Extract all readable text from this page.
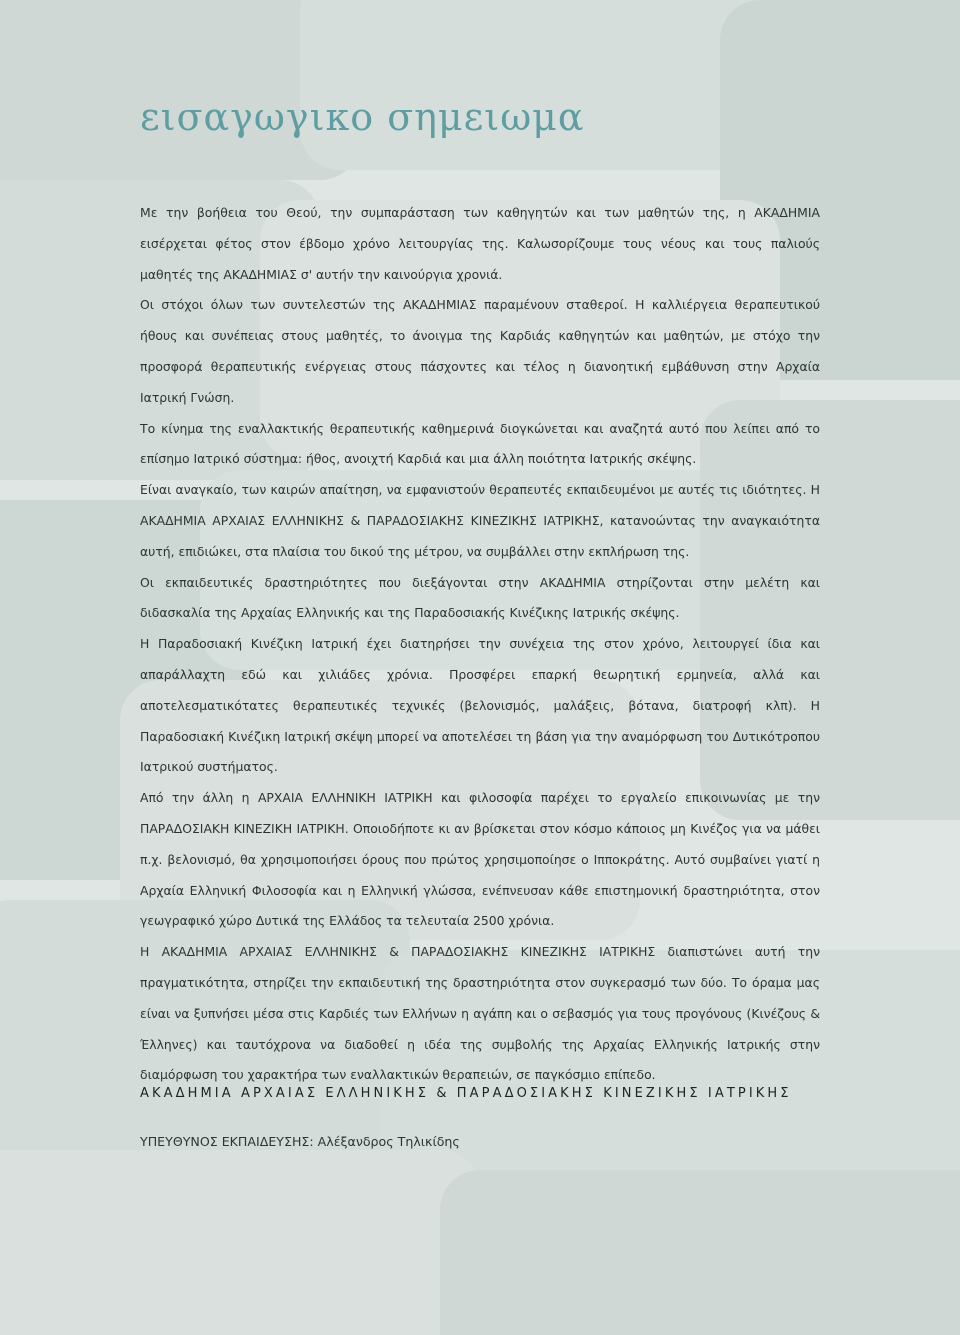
εισαγωγικο σημειωμα

Με την βοήθεια του Θεού, την συμπαράσταση των καθηγητών και των μαθητών της, η ΑΚΑΔΗΜΙΑ εισέρχεται φέτος στον έβδομο χρόνο λειτουργίας της. Καλωσορίζουμε τους νέους και τους παλιούς μαθητές της ΑΚΑΔΗΜΙΑΣ σ' αυτήν την καινούργια χρονιά.

Οι στόχοι όλων των συντελεστών της ΑΚΑΔΗΜΙΑΣ παραμένουν σταθεροί. Η καλλιέργεια θεραπευτικού ήθους και συνέπειας στους μαθητές, το άνοιγμα της Καρδιάς καθηγητών και μαθητών, με στόχο την προσφορά θεραπευτικής ενέργειας στους πάσχοντες και τέλος η διανοητική εμβάθυνση στην Αρχαία Ιατρική Γνώση.

Το κίνημα της εναλλακτικής θεραπευτικής καθημερινά διογκώνεται και αναζητά αυτό που λείπει από το επίσημο Ιατρικό σύστημα: ήθος, ανοιχτή Καρδιά και μια άλλη ποιότητα Ιατρικής σκέψης.

Είναι αναγκαίο, των καιρών απαίτηση, να εμφανιστούν θεραπευτές εκπαιδευμένοι με αυτές τις ιδιότητες. Η ΑΚΑΔΗΜΙΑ ΑΡΧΑΙΑΣ ΕΛΛΗΝΙΚΗΣ & ΠΑΡΑΔΟΣΙΑΚΗΣ ΚΙΝΕΖΙΚΗΣ ΙΑΤΡΙΚΗΣ, κατανοώντας την αναγκαιότητα αυτή, επιδιώκει, στα πλαίσια του δικού της μέτρου, να συμβάλλει στην εκπλήρωση της.

Οι εκπαιδευτικές δραστηριότητες που διεξάγονται στην ΑΚΑΔΗΜΙΑ στηρίζονται στην μελέτη και διδασκαλία της Αρχαίας Ελληνικής και της Παραδοσιακής Κινέζικης Ιατρικής σκέψης.

Η Παραδοσιακή Κινέζικη Ιατρική έχει διατηρήσει την συνέχεια της στον χρόνο, λειτουργεί ίδια και απαράλλαχτη εδώ και χιλιάδες χρόνια. Προσφέρει επαρκή θεωρητική ερμηνεία, αλλά και αποτελεσματικότατες θεραπευτικές τεχνικές (βελονισμός, μαλάξεις, βότανα, διατροφή κλπ). Η Παραδοσιακή Κινέζικη Ιατρική σκέψη μπορεί να αποτελέσει τη βάση για την αναμόρφωση του Δυτικότροπου Ιατρικού συστήματος.

Από την άλλη η ΑΡΧΑΙΑ ΕΛΛΗΝΙΚΗ ΙΑΤΡΙΚΗ και φιλοσοφία παρέχει το εργαλείο επικοινωνίας με την ΠΑΡΑΔΟΣΙΑΚΗ ΚΙΝΕΖΙΚΗ ΙΑΤΡΙΚΗ. Οποιοδήποτε κι αν βρίσκεται στον κόσμο κάποιος μη Κινέζος για να μάθει π.χ. βελονισμό, θα χρησιμοποιήσει όρους που πρώτος χρησιμοποίησε ο Ιπποκράτης. Αυτό συμβαίνει γιατί η Αρχαία Ελληνική Φιλοσοφία και η Ελληνική γλώσσα, ενέπνευσαν κάθε επιστημονική δραστηριότητα, στον γεωγραφικό χώρο Δυτικά της Ελλάδος τα τελευταία 2500 χρόνια.

Η ΑΚΑΔΗΜΙΑ ΑΡΧΑΙΑΣ ΕΛΛΗΝΙΚΗΣ & ΠΑΡΑΔΟΣΙΑΚΗΣ ΚΙΝΕΖΙΚΗΣ ΙΑΤΡΙΚΗΣ διαπιστώνει αυτή την πραγματικότητα, στηρίζει την εκπαιδευτική της δραστηριότητα στον συγκερασμό των δύο. Το όραμα μας είναι να ξυπνήσει μέσα στις Καρδιές των Ελλήνων η αγάπη και ο σεβασμός για τους προγόνους (Κινέζους & Έλληνες) και ταυτόχρονα να διαδοθεί η ιδέα της συμβολής της Αρχαίας Ελληνικής Ιατρικής στην διαμόρφωση του χαρακτήρα των εναλλακτικών θεραπειών, σε παγκόσμιο επίπεδο.

ΑΚΑΔΗΜΙΑ ΑΡΧΑΙΑΣ ΕΛΛΗΝΙΚΗΣ & ΠΑΡΑΔΟΣΙΑΚΗΣ ΚΙΝΕΖΙΚΗΣ ΙΑΤΡΙΚΗΣ

ΥΠΕΥΘΥΝΟΣ ΕΚΠΑΙΔΕΥΣΗΣ: Αλέξανδρος Τηλικίδης
